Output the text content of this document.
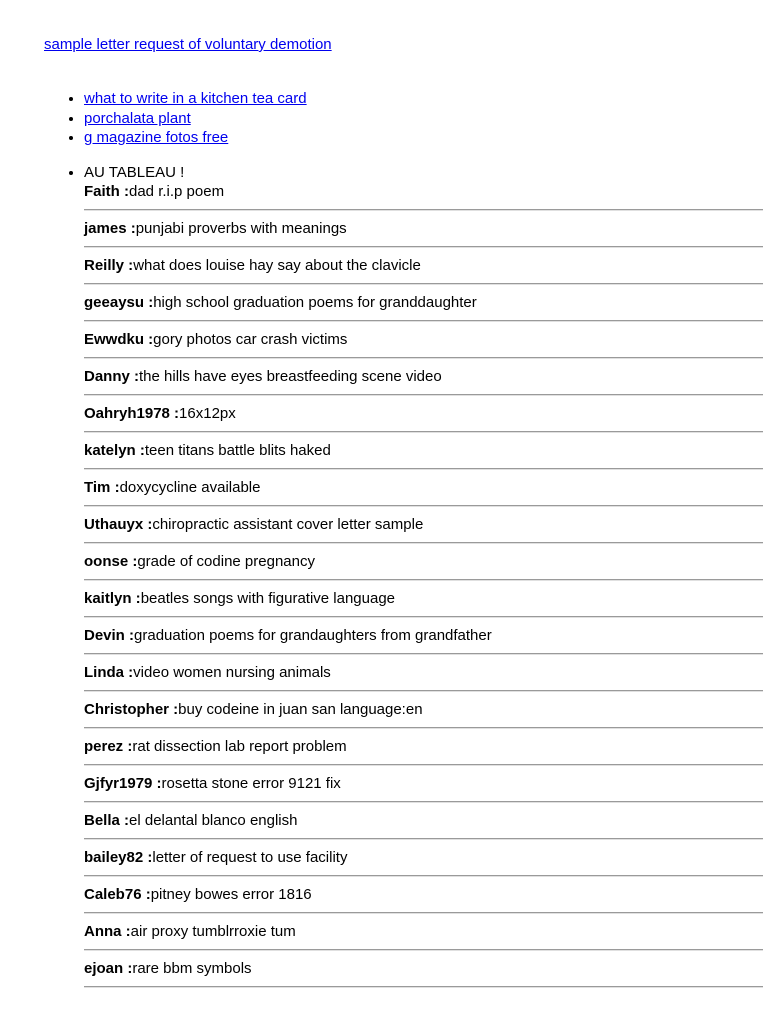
sample letter request of voluntary demotion
• what to write in a kitchen tea card
• porchalata plant
• g magazine fotos free
• AU TABLEAU !
Faith :dad r.i.p poem
james :punjabi proverbs with meanings
Reilly :what does louise hay say about the clavicle
geeaysu :high school graduation poems for granddaughter
Ewwdku :gory photos car crash victims
Danny :the hills have eyes breastfeeding scene video
Oahryh1978 :16x12px
katelyn :teen titans battle blits haked
Tim :doxycycline available
Uthauyx :chiropractic assistant cover letter sample
oonse :grade of codine pregnancy
kaitlyn :beatles songs with figurative language
Devin :graduation poems for grandaughters from grandfather
Linda :video women nursing animals
Christopher :buy codeine in juan san language:en
perez :rat dissection lab report problem
Gjfyr1979 :rosetta stone error 9121 fix
Bella :el delantal blanco english
bailey82 :letter of request to use facility
Caleb76 :pitney bowes error 1816
Anna :air proxy tumblrroxie tum
ejoan :rare bbm symbols
